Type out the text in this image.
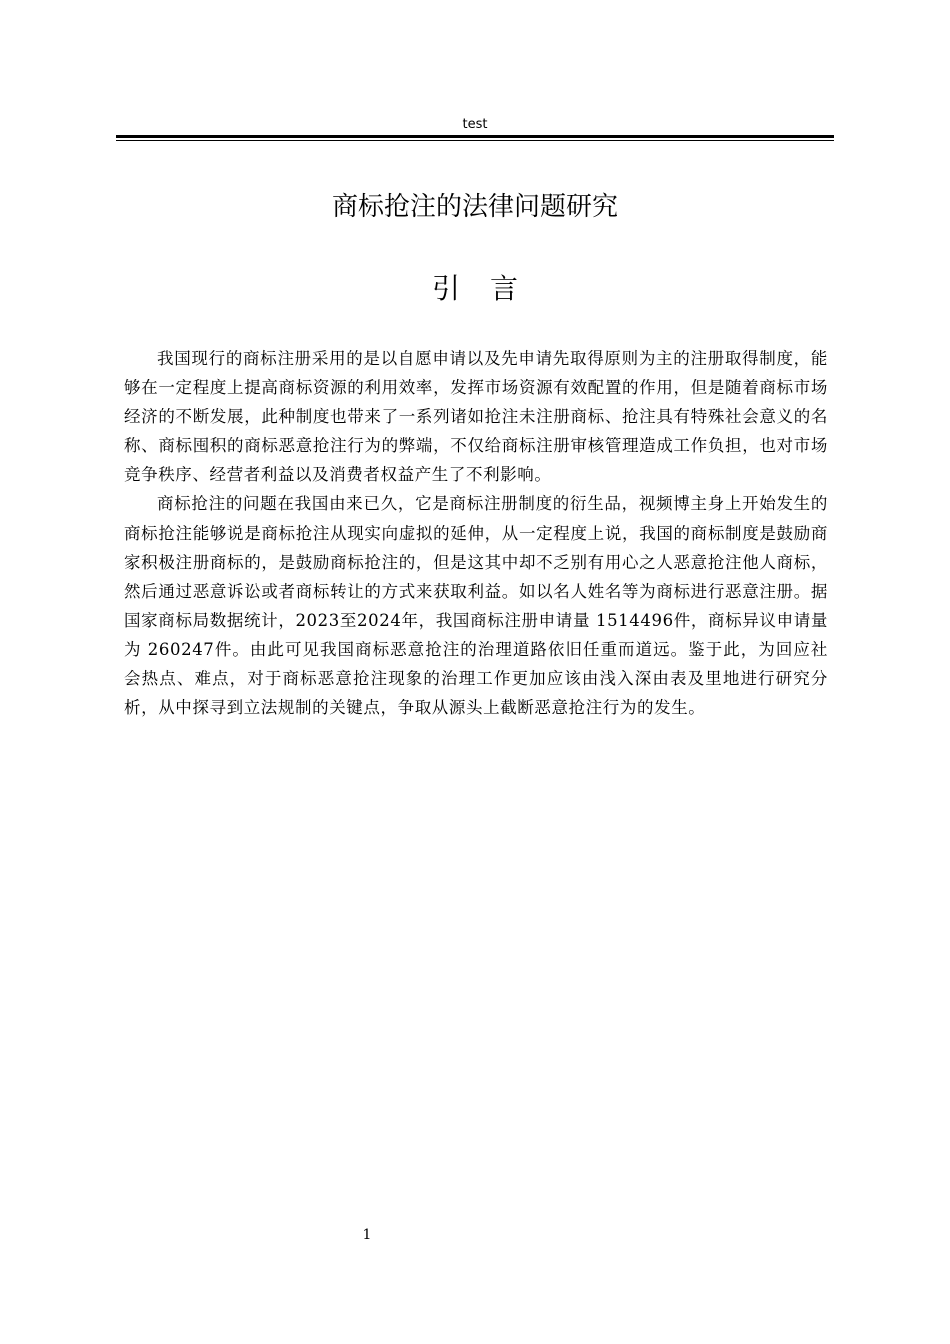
test
商标抢注的法律问题研究
引言

我国现行的商标注册采用的是以自愿申请以及先申请先取得原则为主的注册取得制度，能够在一定程度上提高商标资源的利用效率，发挥市场资源有效配置的作用，但是随着商标市场经济的不断发展，此种制度也带来了一系列诸如抢注未注册商标、抢注具有特殊社会意义的名称、商标囤积的商标恶意抢注行为的弊端，不仅给商标注册审核管理造成工作负担，也对市场竞争秩序、经营者利益以及消费者权益产生了不利影响。

商标抢注的问题在我国由来已久，它是商标注册制度的衍生品，视频博主身上开始发生的商标抢注能够说是商标抢注从现实向虚拟的延伸，从一定程度上说，我国的商标制度是鼓励商家积极注册商标的，是鼓励商标抢注的，但是这其中却不乏别有用心之人恶意抢注他人商标，然后通过恶意诉讼或者商标转让的方式来获取利益。如以名人姓名等为商标进行恶意注册。据国家商标局数据统计，2023至2024年，我国商标注册申请量 1514496件，商标异议申请量为 260247件。由此可见我国商标恶意抢注的治理道路依旧任重而道远。鉴于此，为回应社会热点、难点，对于商标恶意抢注现象的治理工作更加应该由浅入深由表及里地进行研究分析，从中探寻到立法规制的关键点，争取从源头上截断恶意抢注行为的发生。

1
